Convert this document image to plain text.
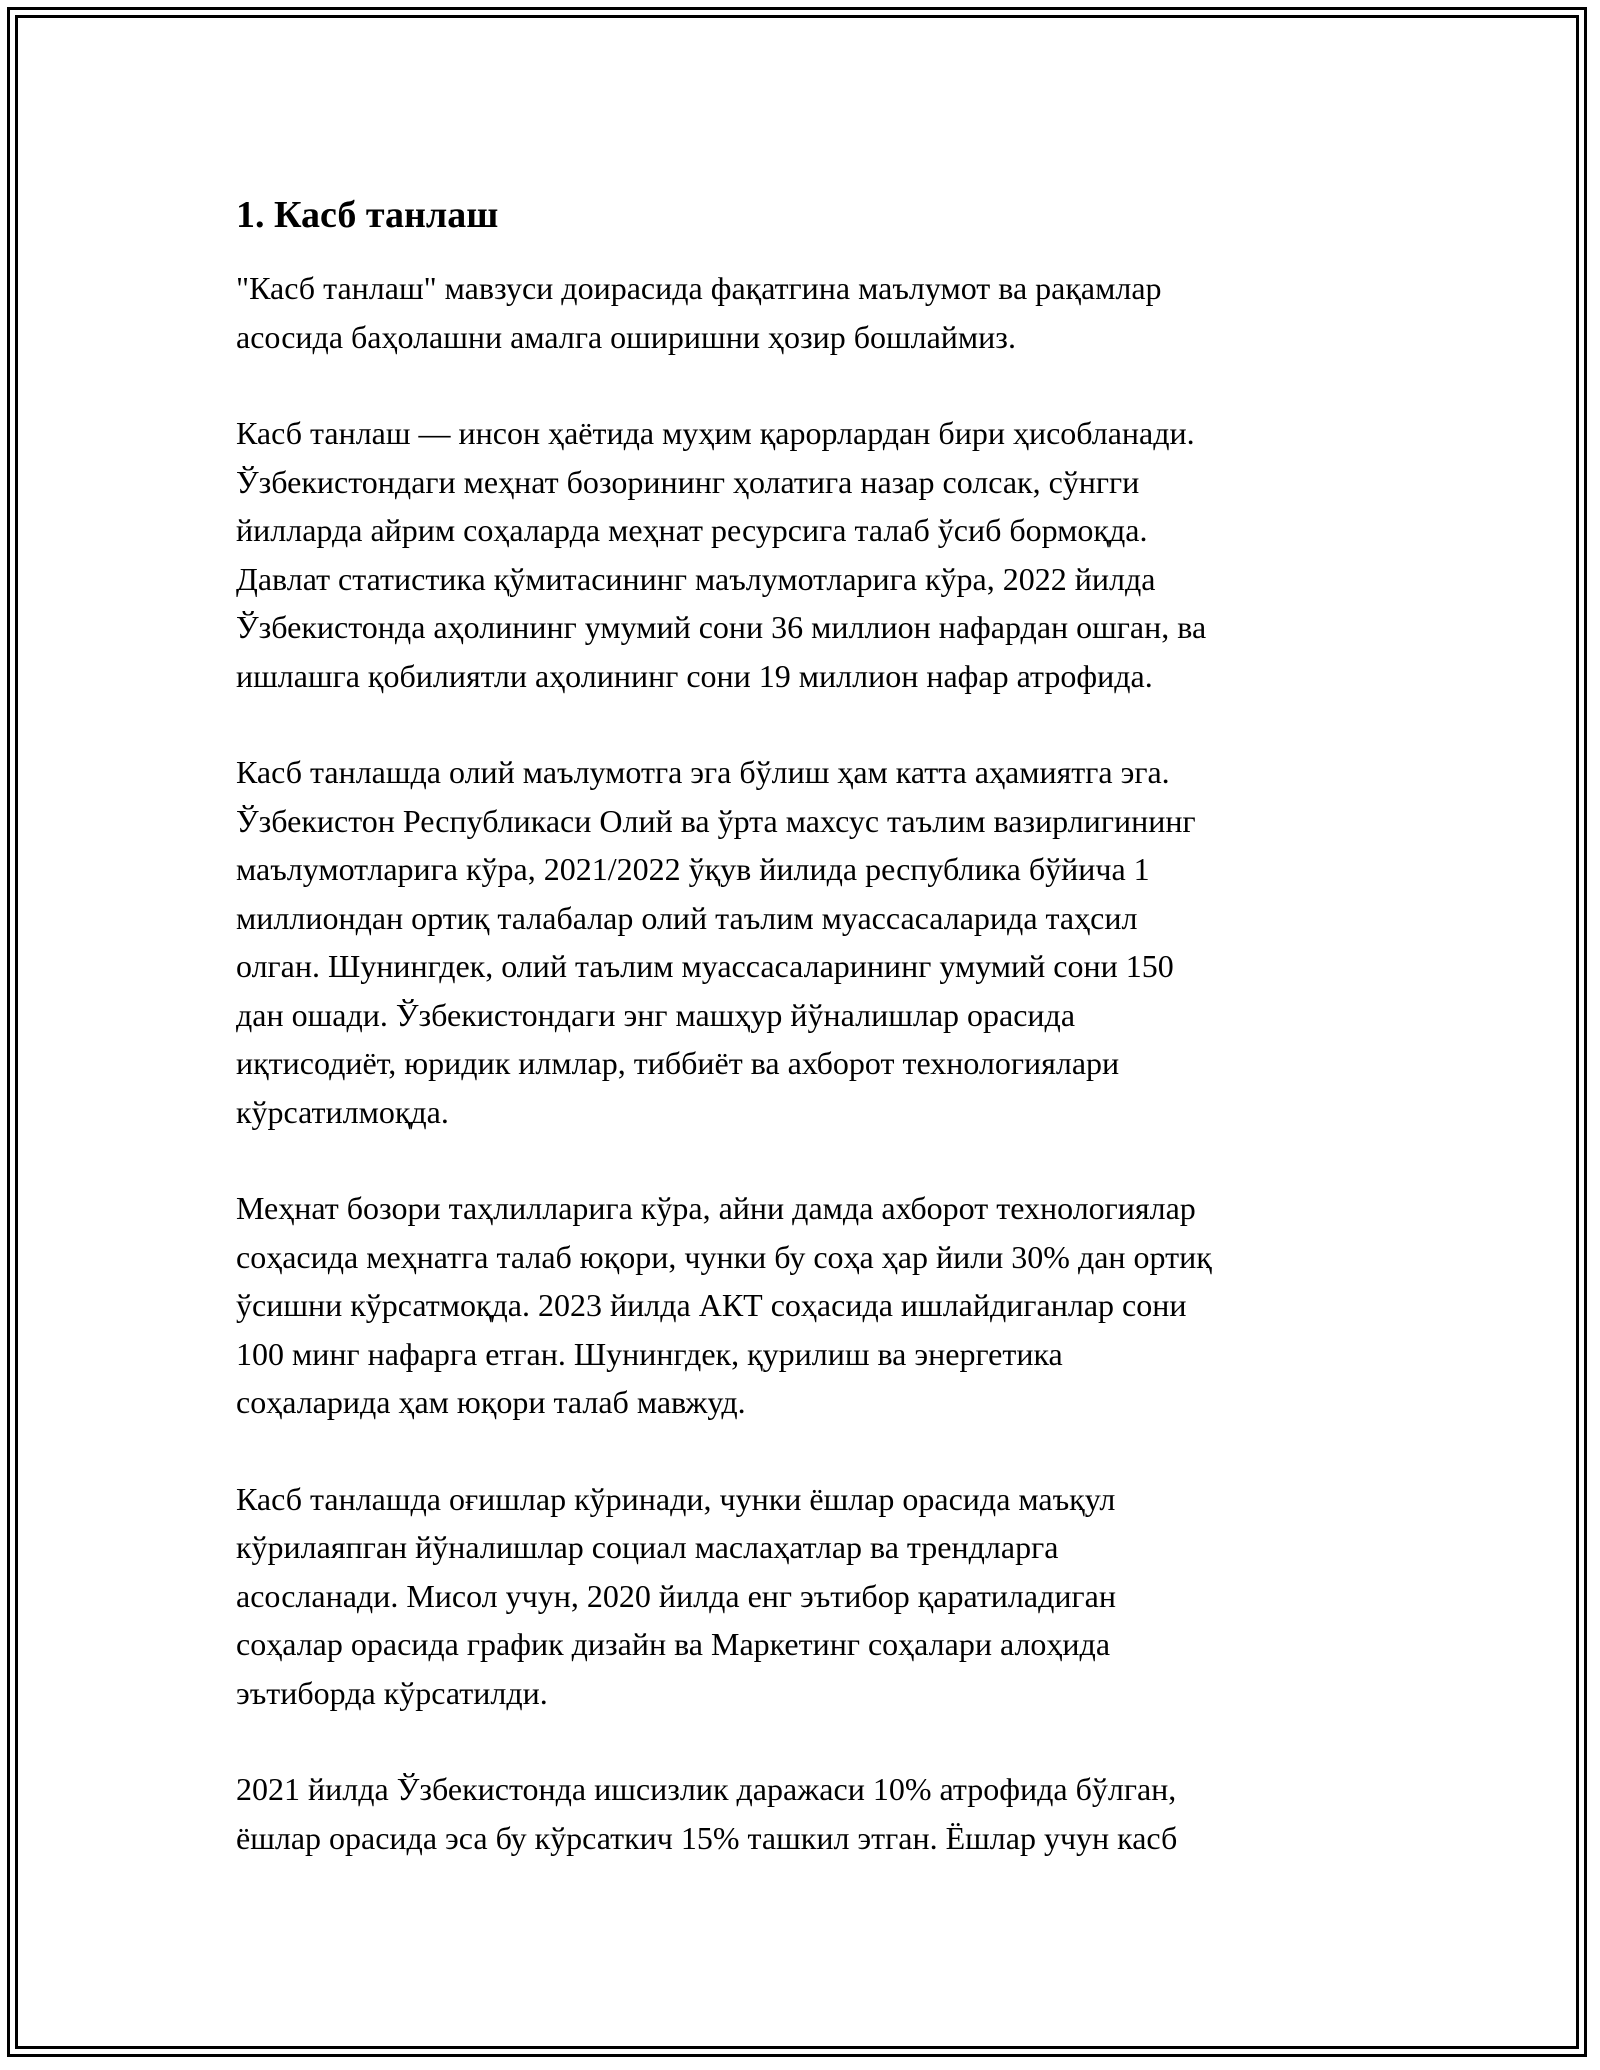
1. Касб танлаш

"Касб танлаш" мавзуси доирасида фақатгина маълумот ва рақамлар
асосида баҳолашни амалга оширишни ҳозир бошлаймиз.

Касб танлаш — инсон ҳаётида муҳим қарорлардан бири ҳисобланади.
Ўзбекистондаги меҳнат бозорининг ҳолатига назар солсак, сўнгги
йилларда айрим соҳаларда меҳнат ресурсига талаб ўсиб бормоқда.
Давлат статистика қўмитасининг маълумотларига кўра, 2022 йилда
Ўзбекистонда аҳолининг умумий сони 36 миллион нафардан ошган, ва
ишлашга қобилиятли аҳолининг сони 19 миллион нафар атрофида.

Касб танлашда олий маълумотга эга бўлиш ҳам катта аҳамиятга эга.
Ўзбекистон Республикаси Олий ва ўрта махсус таълим вазирлигининг
маълумотларига кўра, 2021/2022 ўқув йилида республика бўйича 1
миллиондан ортиқ талабалар олий таълим муассасаларида таҳсил
олган. Шунингдек, олий таълим муассасаларининг умумий сони 150
дан ошади. Ўзбекистондаги энг машҳур йўналишлар орасида
иқтисодиёт, юридик илмлар, тиббиёт ва ахборот технологиялари
кўрсатилмоқда.

Меҳнат бозори таҳлилларига кўра, айни дамда ахборот технологиялар
соҳасида меҳнатга талаб юқори, чунки бу соҳа ҳар йили 30% дан ортиқ
ўсишни кўрсатмоқда. 2023 йилда АКТ соҳасида ишлайдиганлар сони
100 минг нафарга етган. Шунингдек, қурилиш ва энергетика
соҳаларида ҳам юқори талаб мавжуд.

Касб танлашда оғишлар кўринади, чунки ёшлар орасида маъқул
кўрилаяпган йўналишлар социал маслаҳатлар ва трендларга
асосланади. Мисол учун, 2020 йилда енг эътибор қаратиладиган
соҳалар орасида график дизайн ва Маркетинг соҳалари алоҳида
эътиборда кўрсатилди.

2021 йилда Ўзбекистонда ишсизлик даражаси 10% атрофида бўлган,
ёшлар орасида эса бу кўрсаткич 15% ташкил этган. Ёшлар учун касб
